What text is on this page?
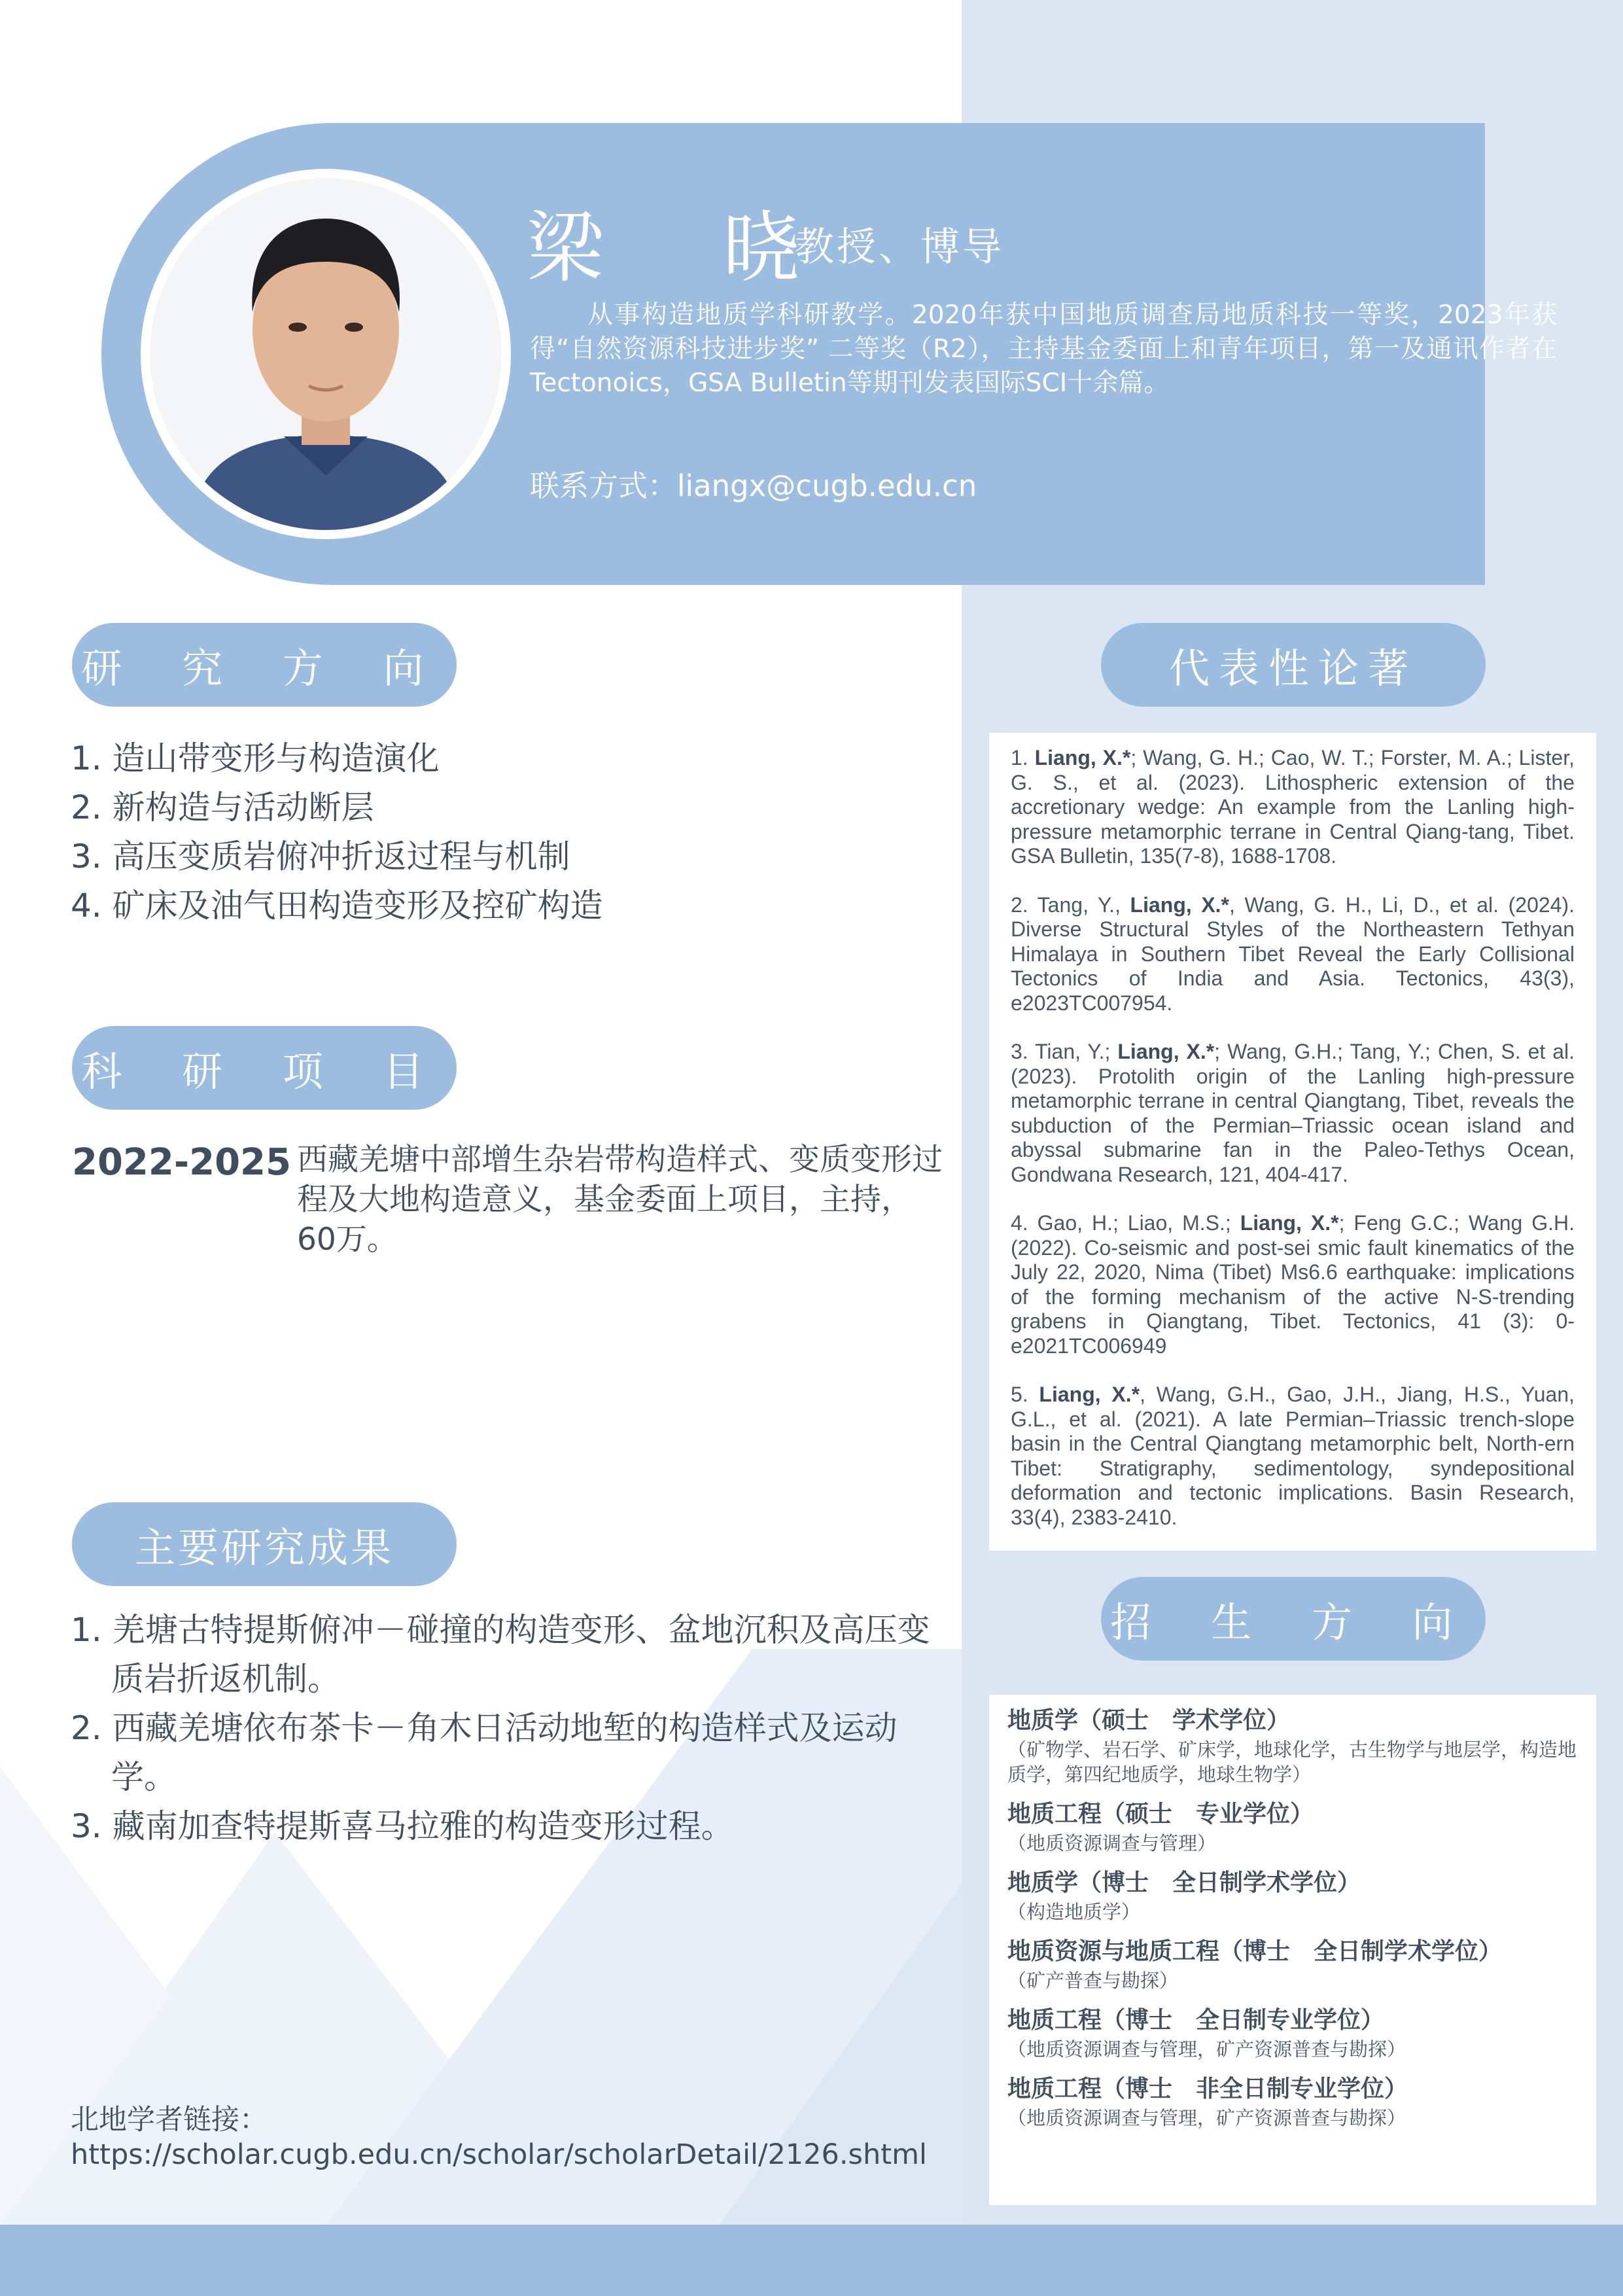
梁 晓
教授、博导
从事构造地质学科研教学。2020年获中国地质调查局地质科技一等奖，2023年获得“自然资源科技进步奖” 二等奖（R2），主持基金委面上和青年项目，第一及通讯作者在Tectonoics，GSA Bulletin等期刊发表国际SCI十余篇。
联系方式：liangx@cugb.edu.cn
研 究 方 向
1. 造山带变形与构造演化
2. 新构造与活动断层
3. 高压变质岩俯冲折返过程与机制
4. 矿床及油气田构造变形及控矿构造
科 研 项 目
2022-2025 西藏羌塘中部增生杂岩带构造样式、变质变形过程及大地构造意义，基金委面上项目，主持，60万。
主要研究成果
1. 羌塘古特提斯俯冲－碰撞的构造变形、盆地沉积及高压变质岩折返机制。
2. 西藏羌塘依布茶卡－角木日活动地堑的构造样式及运动学。
3. 藏南加查特提斯喜马拉雅的构造变形过程。
北地学者链接：
https://scholar.cugb.edu.cn/scholar/scholarDetail/2126.shtml
代表性论著

1. Liang, X.*; Wang, G. H.; Cao, W. T.; Forster, M. A.; Lister, G. S., et al. (2023). Lithospheric extension of the accretionary wedge: An example from the Lanling high-pressure metamorphic terrane in Central Qiang-tang, Tibet. GSA Bulletin, 135(7-8), 1688-1708.

2. Tang, Y., Liang, X.*, Wang, G. H., Li, D., et al. (2024). Diverse Structural Styles of the Northeastern Tethyan Himalaya in Southern Tibet Reveal the Early Collisional Tectonics of India and Asia. Tectonics, 43(3), e2023TC007954.

3. Tian, Y.; Liang, X.*; Wang, G.H.; Tang, Y.; Chen, S. et al. (2023). Protolith origin of the Lanling high-pressure metamorphic terrane in central Qiangtang, Tibet, reveals the subduction of the Permian–Triassic ocean island and abyssal submarine fan in the Paleo-Tethys Ocean, Gondwana Research, 121, 404-417.

4. Gao, H.; Liao, M.S.; Liang, X.*; Feng G.C.; Wang G.H. (2022). Co-seismic and post-sei smic fault kinematics of the July 22, 2020, Nima (Tibet) Ms6.6 earthquake: implications of the forming mechanism of the active N-S-trending grabens in Qiangtang, Tibet. Tectonics, 41 (3): 0-e2021TC006949

5. Liang, X.*, Wang, G.H., Gao, J.H., Jiang, H.S., Yuan, G.L., et al. (2021). A late Permian–Triassic trench-slope basin in the Central Qiangtang metamorphic belt, North-ern Tibet: Stratigraphy, sedimentology, syndepositional deformation and tectonic implications. Basin Research, 33(4), 2383-2410.

招 生 方 向
地质学（硕士　学术学位）
（矿物学、岩石学、矿床学，地球化学，古生物学与地层学，构造地质学，第四纪地质学，地球生物学）
地质工程（硕士　专业学位）
（地质资源调查与管理）
地质学（博士　全日制学术学位）
（构造地质学）
地质资源与地质工程（博士　全日制学术学位）
（矿产普查与勘探）
地质工程（博士　全日制专业学位）
（地质资源调查与管理，矿产资源普查与勘探）
地质工程（博士　非全日制专业学位）
（地质资源调查与管理，矿产资源普查与勘探）
